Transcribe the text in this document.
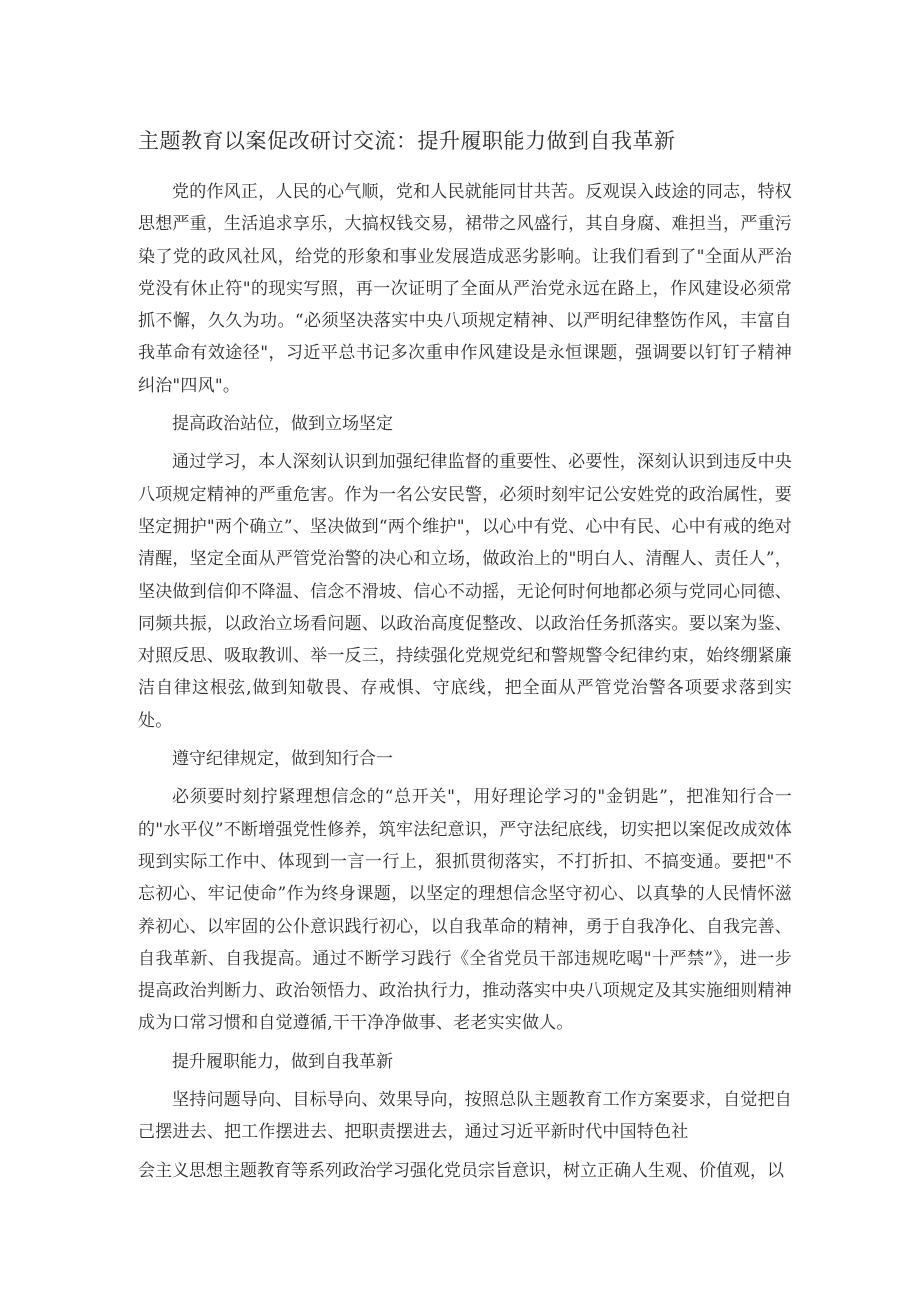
主题教育以案促改研讨交流：提升履职能力做到自我革新

党的作风正，人民的心气顺，党和人民就能同甘共苦。反观误入歧途的同志，特权思想严重，生活追求享乐，大搞权钱交易，裙带之风盛行，其自身腐、难担当，严重污染了党的政风社风，给党的形象和事业发展造成恶劣影响。让我们看到了"全面从严治党没有休止符"的现实写照，再一次证明了全面从严治党永远在路上，作风建设必须常抓不懈，久久为功。“必须坚决落实中央八项规定精神、以严明纪律整饬作风，丰富自我革命有效途径"，习近平总书记多次重申作风建设是永恒课题，强调要以钉钉子精神纠治"四风"。

提高政治站位，做到立场坚定

通过学习，本人深刻认识到加强纪律监督的重要性、必要性，深刻认识到违反中央八项规定精神的严重危害。作为一名公安民警，必须时刻牢记公安姓党的政治属性，要坚定拥护"两个确立”、坚决做到“两个维护"，以心中有党、心中有民、心中有戒的绝对清醒，坚定全面从严管党治警的决心和立场，做政治上的"明白人、清醒人、责任人”，坚决做到信仰不降温、信念不滑坡、信心不动摇，无论何时何地都必须与党同心同德、同频共振，以政治立场看问题、以政治高度促整改、以政治任务抓落实。要以案为鉴、对照反思、吸取教训、举一反三，持续强化党规党纪和警规警令纪律约束，始终绷紧廉洁自律这根弦,做到知敬畏、存戒惧、守底线，把全面从严管党治警各项要求落到实处。

遵守纪律规定，做到知行合一

必须要时刻拧紧理想信念的“总开关"，用好理论学习的"金钥匙”，把准知行合一的"水平仪”不断增强党性修养，筑牢法纪意识，严守法纪底线，切实把以案促改成效体现到实际工作中、体现到一言一行上，狠抓贯彻落实，不打折扣、不搞变通。要把"不忘初心、牢记使命”作为终身课题，以坚定的理想信念坚守初心、以真挚的人民情怀滋养初心、以牢固的公仆意识践行初心，以自我革命的精神，勇于自我净化、自我完善、自我革新、自我提高。通过不断学习践行《全省党员干部违规吃喝"十严禁”》，进一步提高政治判断力、政治领悟力、政治执行力，推动落实中央八项规定及其实施细则精神成为口常习惯和自觉遵循,干干净净做事、老老实实做人。

提升履职能力，做到自我革新

坚持问题导向、目标导向、效果导向，按照总队主题教育工作方案要求，自觉把自己摆进去、把工作摆进去、把职责摆进去，通过习近平新时代中国特色社

会主义思想主题教育等系列政治学习强化党员宗旨意识，树立正确人生观、价值观，以
